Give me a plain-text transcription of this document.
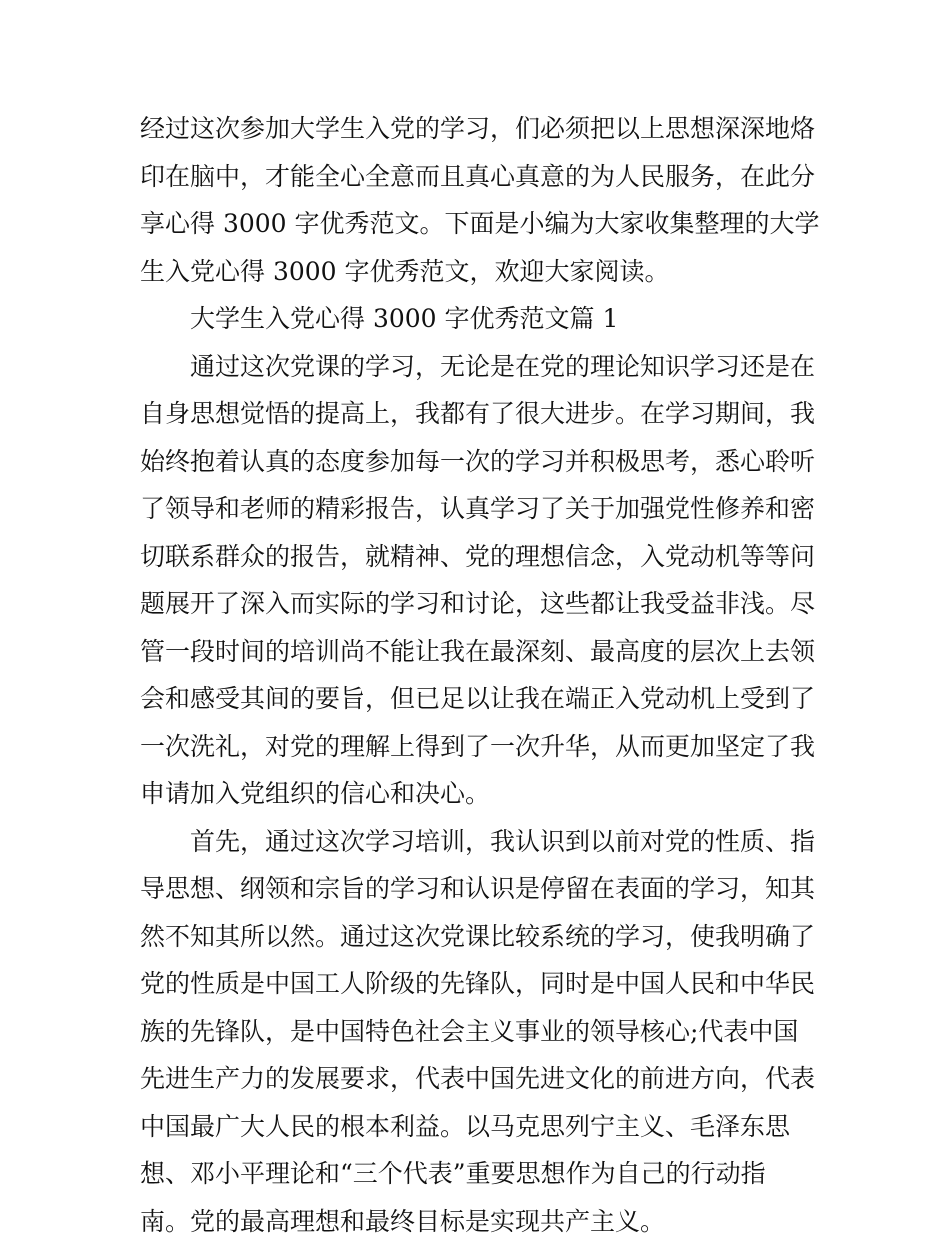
经过这次参加大学生入党的学习，们必须把以上思想深深地烙
印在脑中，才能全心全意而且真心真意的为人民服务，在此分
享心得 3000 字优秀范文。下面是小编为大家收集整理的大学
生入党心得 3000 字优秀范文，欢迎大家阅读。
大学生入党心得 3000 字优秀范文篇 1
通过这次党课的学习，无论是在党的理论知识学习还是在
自身思想觉悟的提高上，我都有了很大进步。在学习期间，我
始终抱着认真的态度参加每一次的学习并积极思考，悉心聆听
了领导和老师的精彩报告，认真学习了关于加强党性修养和密
切联系群众的报告，就精神、党的理想信念，入党动机等等问
题展开了深入而实际的学习和讨论，这些都让我受益非浅。尽
管一段时间的培训尚不能让我在最深刻、最高度的层次上去领
会和感受其间的要旨，但已足以让我在端正入党动机上受到了
一次洗礼，对党的理解上得到了一次升华，从而更加坚定了我
申请加入党组织的信心和决心。
首先，通过这次学习培训，我认识到以前对党的性质、指
导思想、纲领和宗旨的学习和认识是停留在表面的学习，知其
然不知其所以然。通过这次党课比较系统的学习，使我明确了
党的性质是中国工人阶级的先锋队，同时是中国人民和中华民
族的先锋队，是中国特色社会主义事业的领导核心;代表中国
先进生产力的发展要求，代表中国先进文化的前进方向，代表
中国最广大人民的根本利益。以马克思列宁主义、毛泽东思
想、邓小平理论和“三个代表”重要思想作为自己的行动指
南。党的最高理想和最终目标是实现共产主义。
